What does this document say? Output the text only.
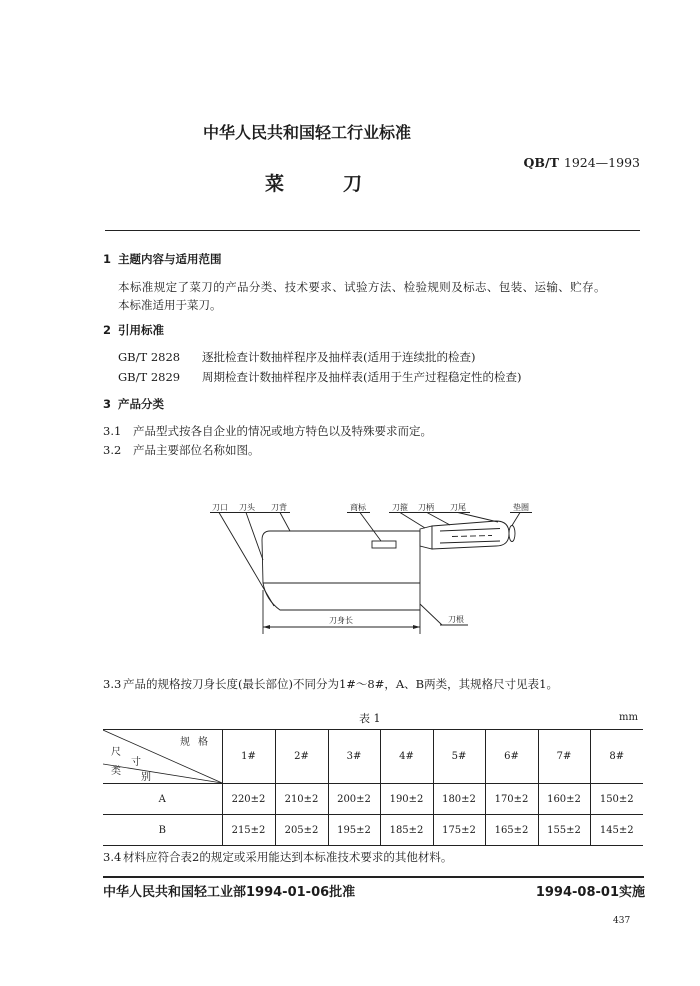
中华人民共和国轻工行业标准
QB/T 1924—1993
菜刀
1 主题内容与适用范围
本标准规定了菜刀的产品分类、技术要求、试验方法、检验规则及标志、包装、运输、贮存。
本标准适用于菜刀。
2 引用标准
GB/T 2828 逐批检查计数抽样程序及抽样表(适用于连续批的检查)
GB/T 2829 周期检查计数抽样程序及抽样表(适用于生产过程稳定性的检查)
3 产品分类
3.1 产品型式按各自企业的情况或地方特色以及特殊要求而定。
3.2 产品主要部位名称如图。
刀口 刀头 刀背	商标	刀箍 刀柄 刀尾	垫圈
刀身长	刀根
3.3 产品的规格按刀身长度(最长部位)不同分为1#～8#，A、B两类，其规格尺寸见表1。
表 1	mm
规格
尺
寸
类
别	1#	2#	3#	4#	5#	6#	7#	8#
A	220±2	210±2	200±2	190±2	180±2	170±2	160±2	150±2
B	215±2	205±2	195±2	185±2	175±2	165±2	155±2	145±2
3.4 材料应符合表2的规定或采用能达到本标准技术要求的其他材料。
中华人民共和国轻工业部1994-01-06批准	1994-08-01实施
437
